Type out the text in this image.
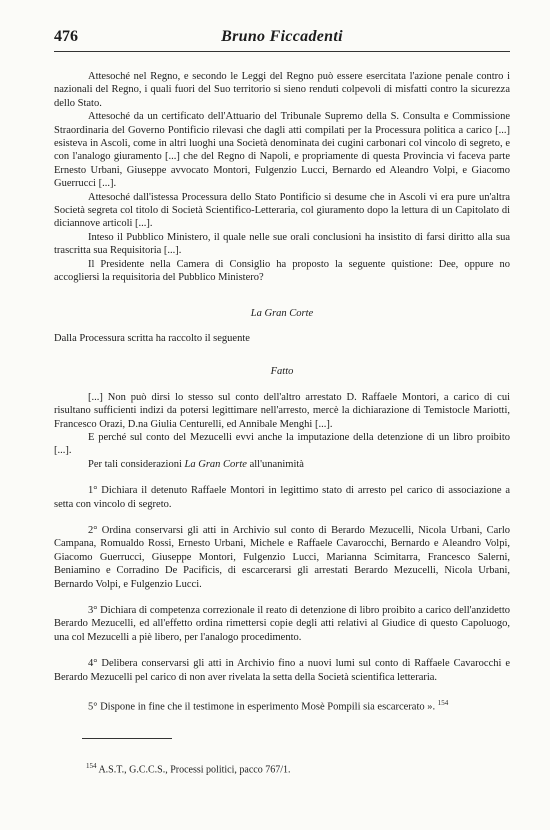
476	Bruno Ficcadenti

Attesoché nel Regno, e secondo le Leggi del Regno può essere esercitata l'azione penale contro i nazionali del Regno, i quali fuori del Suo territorio si sieno renduti colpevoli di misfatti contro la sicurezza dello Stato.

Attesoché da un certificato dell'Attuario del Tribunale Supremo della S. Consulta e Commissione Straordinaria del Governo Pontificio rilevasi che dagli atti compilati per la Processura politica a carico [...] esisteva in Ascoli, come in altri luoghi una Società denominata dei cugini carbonari col vincolo di segreto, e con l'analogo giuramento [...] che del Regno di Napoli, e propriamente di questa Provincia vi faceva parte Ernesto Urbani, Giuseppe avvocato Montori, Fulgenzio Lucci, Bernardo ed Aleandro Volpi, e Giacomo Guerrucci [...].

Attesoché dall'istessa Processura dello Stato Pontificio si desume che in Ascoli vi era pure un'altra Società segreta col titolo di Società Scientifico-Letteraria, col giuramento dopo la lettura di un Capitolato di diciannove articoli [...].

Inteso il Pubblico Ministero, il quale nelle sue orali conclusioni ha insistito di farsi diritto alla sua trascritta sua Requisitoria [...].

Il Presidente nella Camera di Consiglio ha proposto la seguente quistione: Dee, oppure no accogliersi la requisitoria del Pubblico Ministero?

La Gran Corte

Dalla Processura scritta ha raccolto il seguente

Fatto

[...] Non può dirsi lo stesso sul conto dell'altro arrestato D. Raffaele Montori, a carico di cui risultano sufficienti indizi da potersi legittimare nell'arresto, mercè la dichiarazione di Temistocle Mariotti, Francesco Orazi, D.na Giulia Centurelli, ed Annibale Menghi [...].

E perché sul conto del Mezucelli evvi anche la imputazione della detenzione di un libro proibito [...].

Per tali considerazioni La Gran Corte all'unanimità

1° Dichiara il detenuto Raffaele Montori in legittimo stato di arresto pel carico di associazione a setta con vincolo di segreto.

2° Ordina conservarsi gli atti in Archivio sul conto di Berardo Mezucelli, Nicola Urbani, Carlo Campana, Romualdo Rossi, Ernesto Urbani, Michele e Raffaele Cavarocchi, Bernardo e Aleandro Volpi, Giacomo Guerrucci, Giuseppe Montori, Fulgenzio Lucci, Marianna Scimitarra, Francesco Salerni, Beniamino e Corradino De Pacificis, di escarcerarsi gli arrestati Berardo Mezucelli, Nicola Urbani, Bernardo Volpi, e Fulgenzio Lucci.

3° Dichiara di competenza correzionale il reato di detenzione di libro proibito a carico dell'anzidetto Berardo Mezucelli, ed all'effetto ordina rimettersi copie degli atti relativi al Giudice di questo Capoluogo, una col Mezucelli a piè libero, per l'analogo procedimento.

4° Delibera conservarsi gli atti in Archivio fino a nuovi lumi sul conto di Raffaele Cavarocchi e Berardo Mezucelli pel carico di non aver rivelata la setta della Società scientifica letteraria.

5° Dispone in fine che il testimone in esperimento Mosè Pompili sia escarcerato ». $^{154}$

$^{154}$ A.S.T., G.C.C.S., Processi politici, pacco 767/1.
